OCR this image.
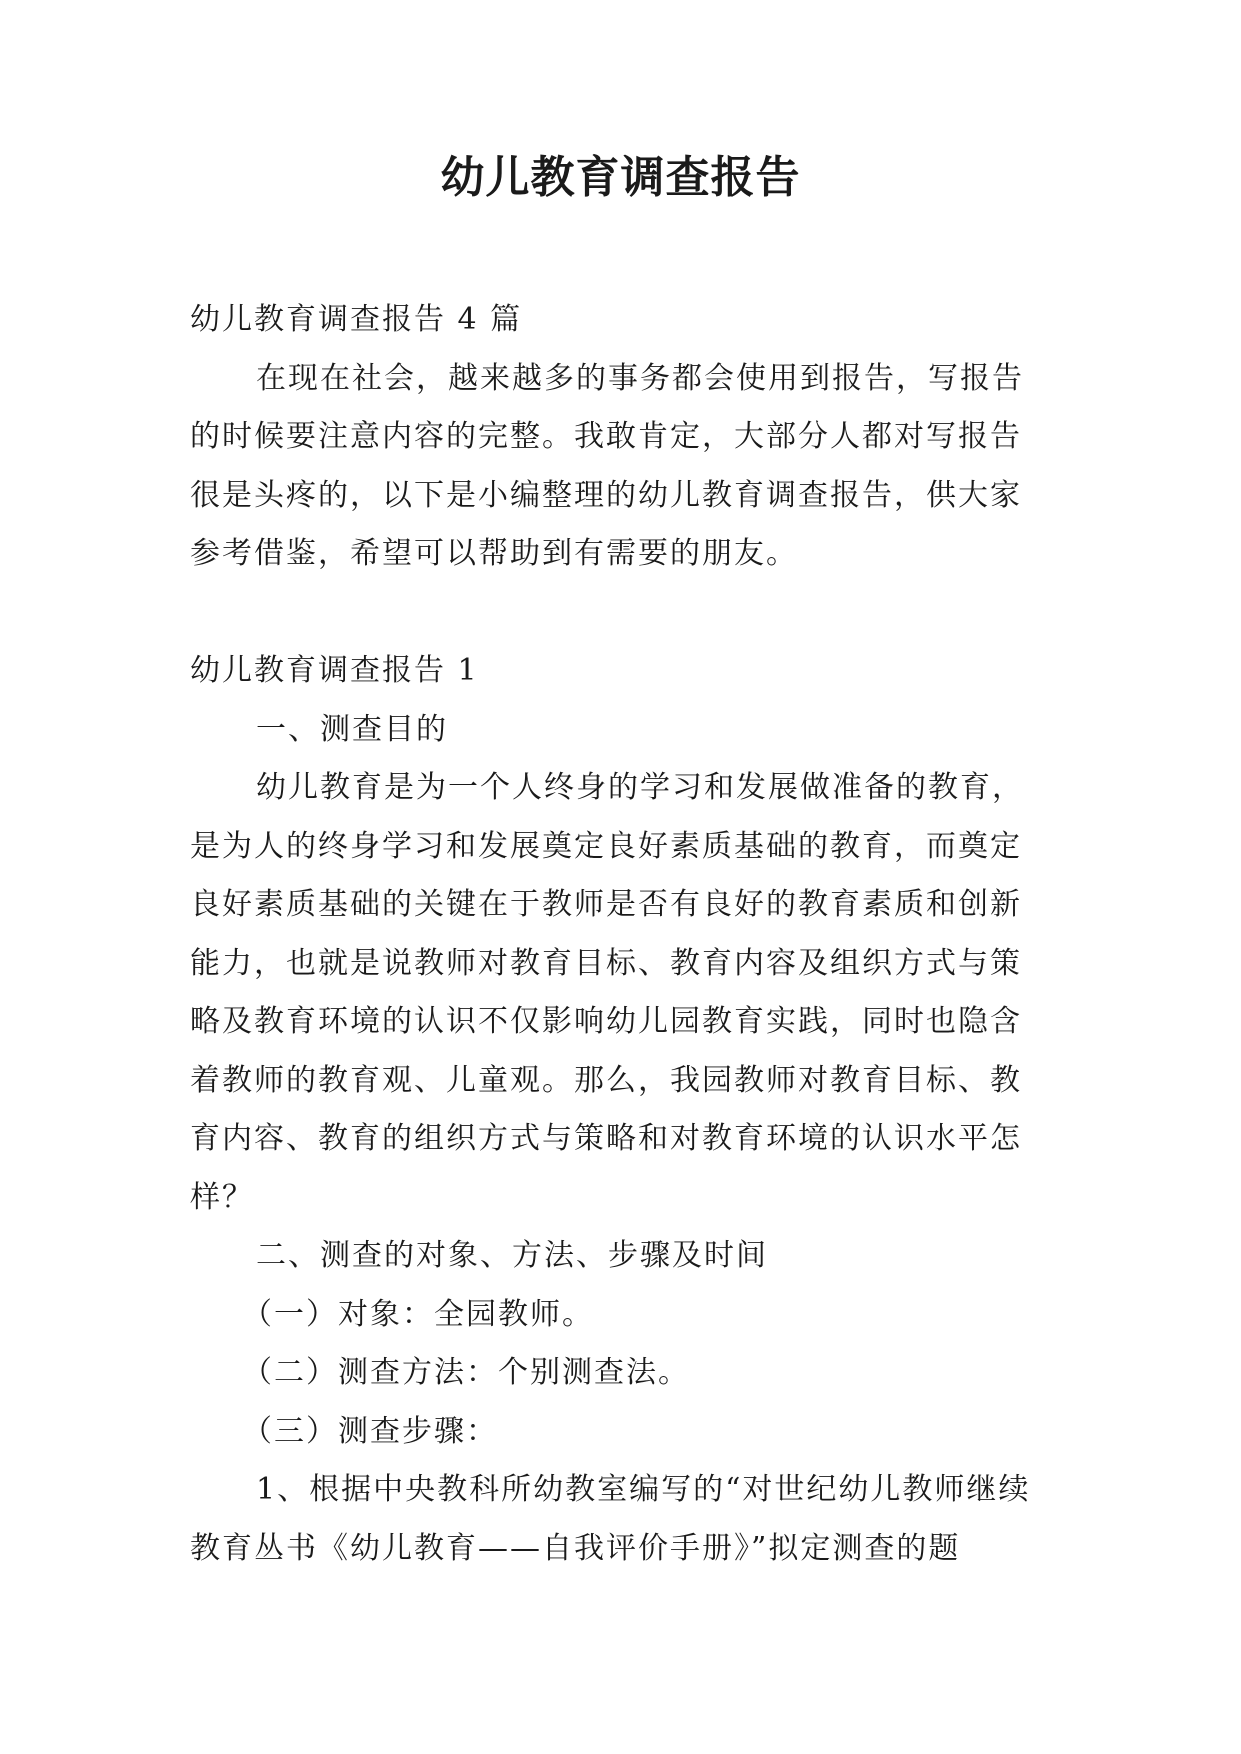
幼儿教育调查报告

幼儿教育调查报告 4 篇

在现在社会，越来越多的事务都会使用到报告，写报告的时候要注意内容的完整。我敢肯定，大部分人都对写报告很是头疼的，以下是小编整理的幼儿教育调查报告，供大家参考借鉴，希望可以帮助到有需要的朋友。

幼儿教育调查报告 1

一、测查目的

幼儿教育是为一个人终身的学习和发展做准备的教育，是为人的终身学习和发展奠定良好素质基础的教育，而奠定良好素质基础的关键在于教师是否有良好的教育素质和创新能力，也就是说教师对教育目标、教育内容及组织方式与策略及教育环境的认识不仅影响幼儿园教育实践，同时也隐含着教师的教育观、儿童观。那么，我园教师对教育目标、教育内容、教育的组织方式与策略和对教育环境的认识水平怎样？

二、测查的对象、方法、步骤及时间

（一）对象：全园教师。

（二）测查方法：个别测查法。

（三）测查步骤：

1、根据中央教科所幼教室编写的“对世纪幼儿教师继续教育丛书《幼儿教育——自我评价手册》”拟定测查的题
